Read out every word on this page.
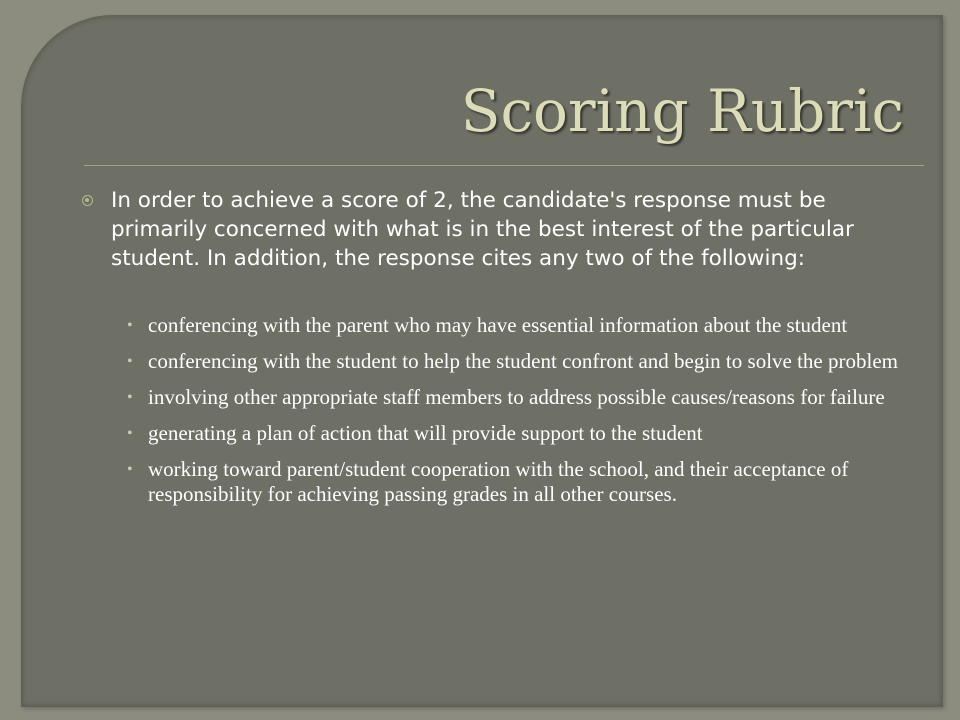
Scoring Rubric
In order to achieve a score of 2, the candidate's response must be primarily concerned with what is in the best interest of the particular student. In addition, the response cites any two of the following:
• conferencing with the parent who may have essential information about the student
• conferencing with the student to help the student confront and begin to solve the problem
• involving other appropriate staff members to address possible causes/reasons for failure
• generating a plan of action that will provide support to the student
• working toward parent/student cooperation with the school, and their acceptance of responsibility for achieving passing grades in all other courses.
